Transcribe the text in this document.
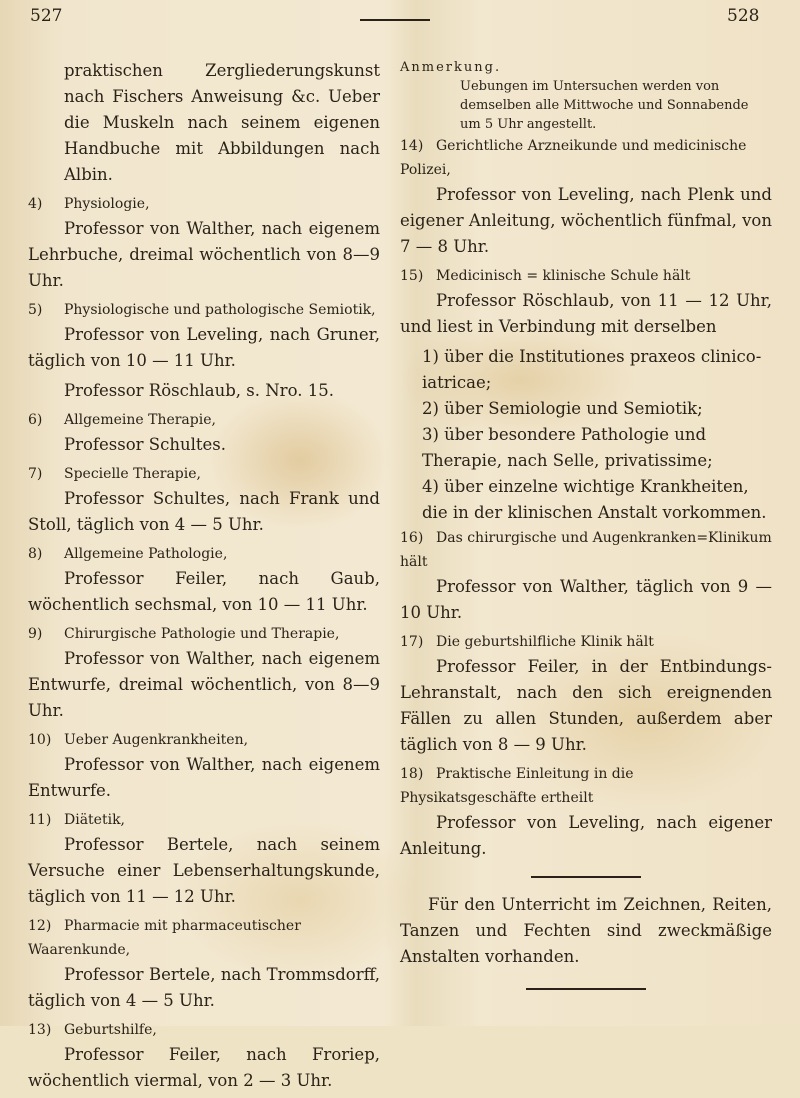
527	528

praktischen Zergliederungskunst nach Fischers Anweisung &c. Ueber die Muskeln nach seinem eigenen Handbuche mit Abbildungen nach Albin.

4) Physiologie,

Professor von Walther, nach eigenem Lehrbuche, dreimal wöchentlich von 8—9 Uhr.

5) Physiologische und pathologische Semiotik,

Professor von Leveling, nach Gruner, täglich von 10 — 11 Uhr.

Professor Röschlaub, s. Nro. 15.

6) Allgemeine Therapie,

Professor Schultes.

7) Specielle Therapie,

Professor Schultes, nach Frank und Stoll, täglich von 4 — 5 Uhr.

8) Allgemeine Pathologie,

Professor Feiler, nach Gaub, wöchentlich sechsmal, von 10 — 11 Uhr.

9) Chirurgische Pathologie und Therapie,

Professor von Walther, nach eigenem Entwurfe, dreimal wöchentlich, von 8—9 Uhr.

10) Ueber Augenkrankheiten,

Professor von Walther, nach eigenem Entwurfe.

11) Diätetik,

Professor Bertele, nach seinem Versuche einer Lebenserhaltungskunde, täglich von 11 — 12 Uhr.

12) Pharmacie mit pharmaceutischer Waarenkunde,

Professor Bertele, nach Trommsdorff, täglich von 4 — 5 Uhr.

13) Geburtshilfe,

Professor Feiler, nach Froriep, wöchentlich viermal, von 2 — 3 Uhr.

Anmerkung.
Uebungen im Untersuchen werden von demselben alle Mittwoche und Sonnabende um 5 Uhr angestellt.

14) Gerichtliche Arzneikunde und medicinische Polizei,

Professor von Leveling, nach Plenk und eigener Anleitung, wöchentlich fünfmal, von 7 — 8 Uhr.

15) Medicinisch = klinische Schule hält

Professor Röschlaub, von 11 — 12 Uhr, und liest in Verbindung mit derselben

1) über die Institutiones praxeos clinico-iatricae;

2) über Semiologie und Semiotik;

3) über besondere Pathologie und Therapie, nach Selle, privatissime;

4) über einzelne wichtige Krankheiten, die in der klinischen Anstalt vorkommen.

16) Das chirurgische und Augenkranken=Klinikum hält

Professor von Walther, täglich von 9 — 10 Uhr.

17) Die geburtshilfliche Klinik hält

Professor Feiler, in der Entbindungs-Lehranstalt, nach den sich ereignenden Fällen zu allen Stunden, außerdem aber täglich von 8 — 9 Uhr.

18) Praktische Einleitung in die Physikatsgeschäfte ertheilt

Professor von Leveling, nach eigener Anleitung.

Für den Unterricht im Zeichnen, Reiten, Tanzen und Fechten sind zweckmäßige Anstalten vorhanden.
